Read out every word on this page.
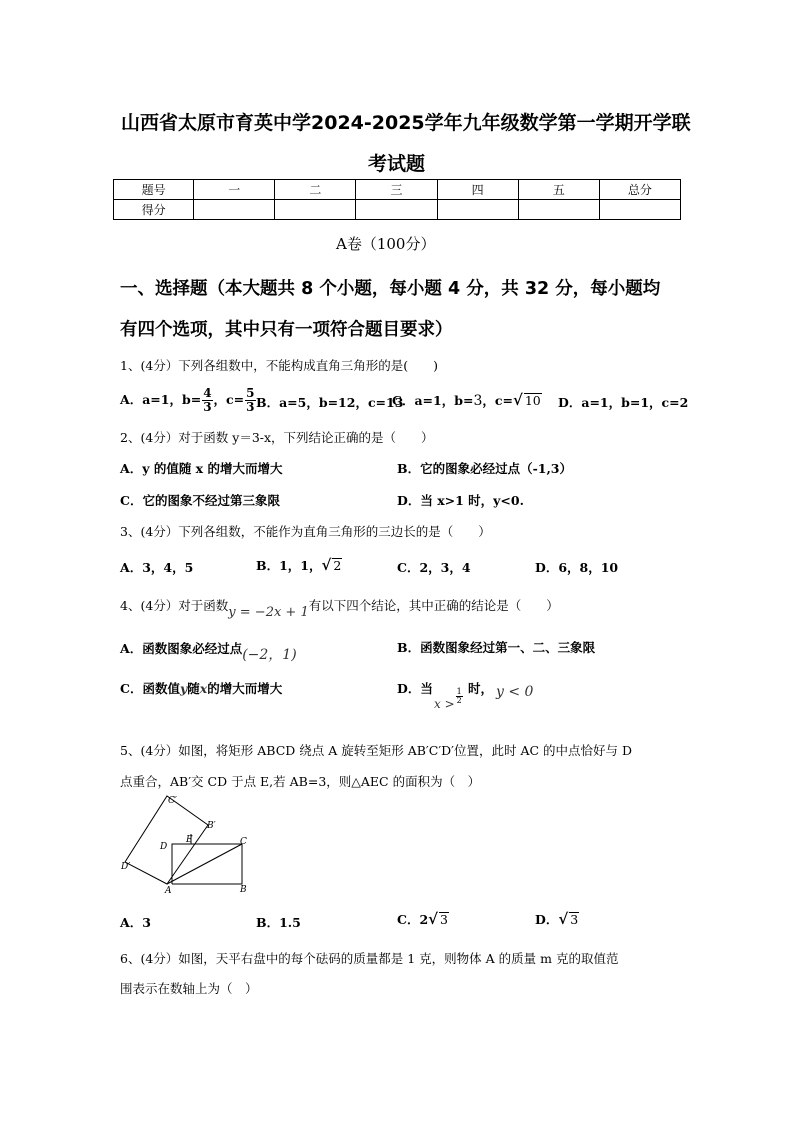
山西省太原市育英中学2024-2025学年九年级数学第一学期开学联
考试题
题号	一	二	三	四	五	总分
得分						
A卷（100分）
一、选择题（本大题共 8 个小题，每小题 4 分，共 32 分，每小题均
有四个选项，其中只有一项符合题目要求）
1、(4分）下列各组数中，不能构成直角三角形的是(　　)
A．a=1，$b= \frac{4}{3}$ ，$c= \frac{5}{3}$ B．a=5，b=12，c=13
C．a=1，b=3，c=√ 10 D．a=1，b=1，c=2
2、(4分）对于函数 y＝3-x，下列结论正确的是（　　）
A．y 的值随 x 的增大而增大	B．它的图象必经过点（-1,3）
C．它的图象不经过第三象限	D．当 x>1 时，y<0.
3、(4分）下列各组数，不能作为直角三角形的三边长的是（　　）
A．3，4，5	B．1，1，√ 2	C．2，3，4	D．6，8，10
4、(4分）对于函数y = −2x + 1有以下四个结论，其中正确的结论是（　　）
A．函数图象必经过点(−2，1)	B．函数图象经过第一、二、三象限
C．函数值y随x的增大而增大	D．当
$x > \frac{1}{2}$ 时， y < 0
5、(4分）如图，将矩形 ABCD 绕点 A 旋转至矩形 AB′C′D′位置，此时 AC 的中点恰好与 D
点重合，AB′交 CD 于点 E,若 AB=3，则△AEC 的面积为（　）
C′
B′
E
D	C
D′
A	B
A．3	B．1.5	C．2√ 3	D．√ 3
6、(4分）如图，天平右盘中的每个砝码的质量都是 1 克，则物体 A 的质量 m 克的取值范
围表示在数轴上为（　）
